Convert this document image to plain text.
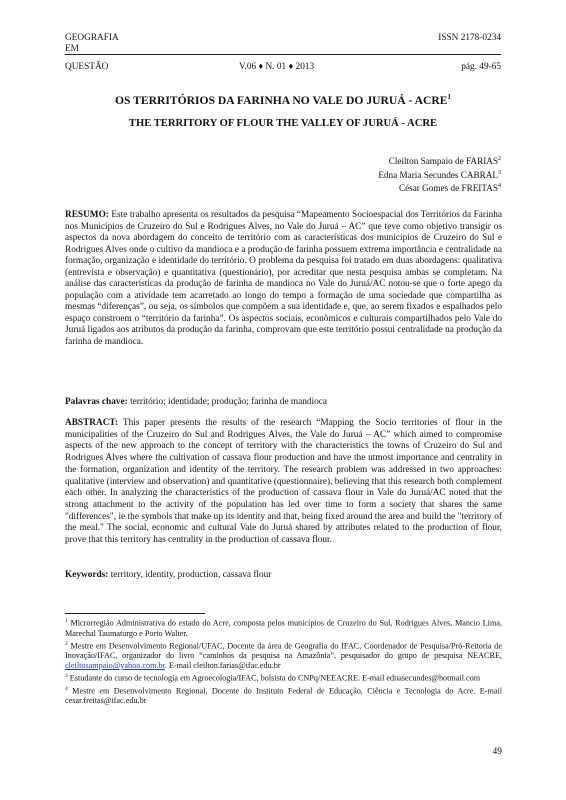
GEOGRAFIA	ISSN 2178-0234
EM
QUESTÃO	V.06 ♦ N. 01 ♦ 2013	pág. 49-65
OS TERRITÓRIOS DA FARINHA NO VALE DO JURUÁ - ACRE$^1$
THE TERRITORY OF FLOUR THE VALLEY OF JURUÁ - ACRE
Cleilton Sampaio de FARIAS$^2$
Edna Maria Secundes CABRAL$^3$
César Gomes de FREITAS$^4$

RESUMO: Este trabalho apresenta os resultados da pesquisa “Mapeamento Socioespacial dos Territórios da Farinha nos Municípios de Cruzeiro do Sul e Rodrigues Alves, no Vale do Juruá – AC” que teve como objetivo transigir os aspectos da nova abordagem do conceito de território com as características dos municípios de Cruzeiro do Sul e Rodrigues Alves onde o cultivo da mandioca e a produção de farinha possuem extrema importância e centralidade na formação, organização e identidade do território. O problema da pesquisa foi tratado em duas abordagens: qualitativa (entrevista e observação) e quantitativa (questionário), por acreditar que nesta pesquisa ambas se completam. Na análise das características da produção de farinha de mandioca no Vale do Juruá/AC notou-se que o forte apego da população com a atividade tem acarretado ao longo do tempo a formação de uma sociedade que compartilha as mesmas “diferenças”, ou seja, os símbolos que compõem a sua identidade e, que, ao serem fixados e espalhados pelo espaço constroem o “território da farinha”. Os aspectos sociais, econômicos e culturais compartilhados pelo Vale do Juruá ligados aos atributos da produção da farinha, comprovam que este território possui centralidade na produção da farinha de mandioca.

Palavras chave: território; identidade; produção; farinha de mandioca

ABSTRACT: This paper presents the results of the research “Mapping the Socio territories of flour in the municipalities of the Cruzeiro do Sul and Rodrigues Alves, the Vale do Juruá – AC” which aimed to compromise aspects of the new approach to the concept of territory with the characteristics the towns of Cruzeiro do Sul and Rodrigues Alves where the cultivation of cassava flour production and have the utmost importance and centrality in the formation, organization and identity of the territory. The research problem was addressed in two approaches: qualitative (interview and observation) and quantitative (questionnaire), believing that this research both complement each other. In analyzing the characteristics of the production of cassava flour in Vale do Juruá/AC noted that the strong attachment to the activity of the population has led over time to form a society that shares the same "differences", ie the symbols that make up its identity and that, being fixed around the area and build the "territory of the meal." The social, economic and cultural Vale do Juruá shared by attributes related to the production of flour, prove that this territory has centrality in the production of cassava flour.

Keywords: territory, identity, production, cassava flour

$^1$ Microrregião Administrativa do estado do Acre, composta pelos municípios de Cruzeiro do Sul, Rodrigues Alves, Mancio Lima, Marechal Taumaturgo e Porto Walter.

$^2$ Mestre em Desenvolvimento Regional/UFAC, Docente da área de Geografia do IFAC, Coordenador de Pesquisa/Pró-Reitoria de Inovação/IFAC, organizador do livro “caminhos da pesquisa na Amazônia”, pesquisador do grupo de pesquisa NEACRE, cleiltosampaio@yahoo.com.br. E-mail cleilton.farias@ifac.edu.br

$^3$ Estudante do curso de tecnologia em Agroecologia/IFAC, bolsista do CNPq/NEEACRE. E-mail ednasecundes@hotmail.com

$^4$ Mestre em Desenvolvimento Regional, Docente do Instituto Federal de Educação, Ciência e Tecnologia do Acre. E-mail cesar.freitas@ifac.edu.br

49
